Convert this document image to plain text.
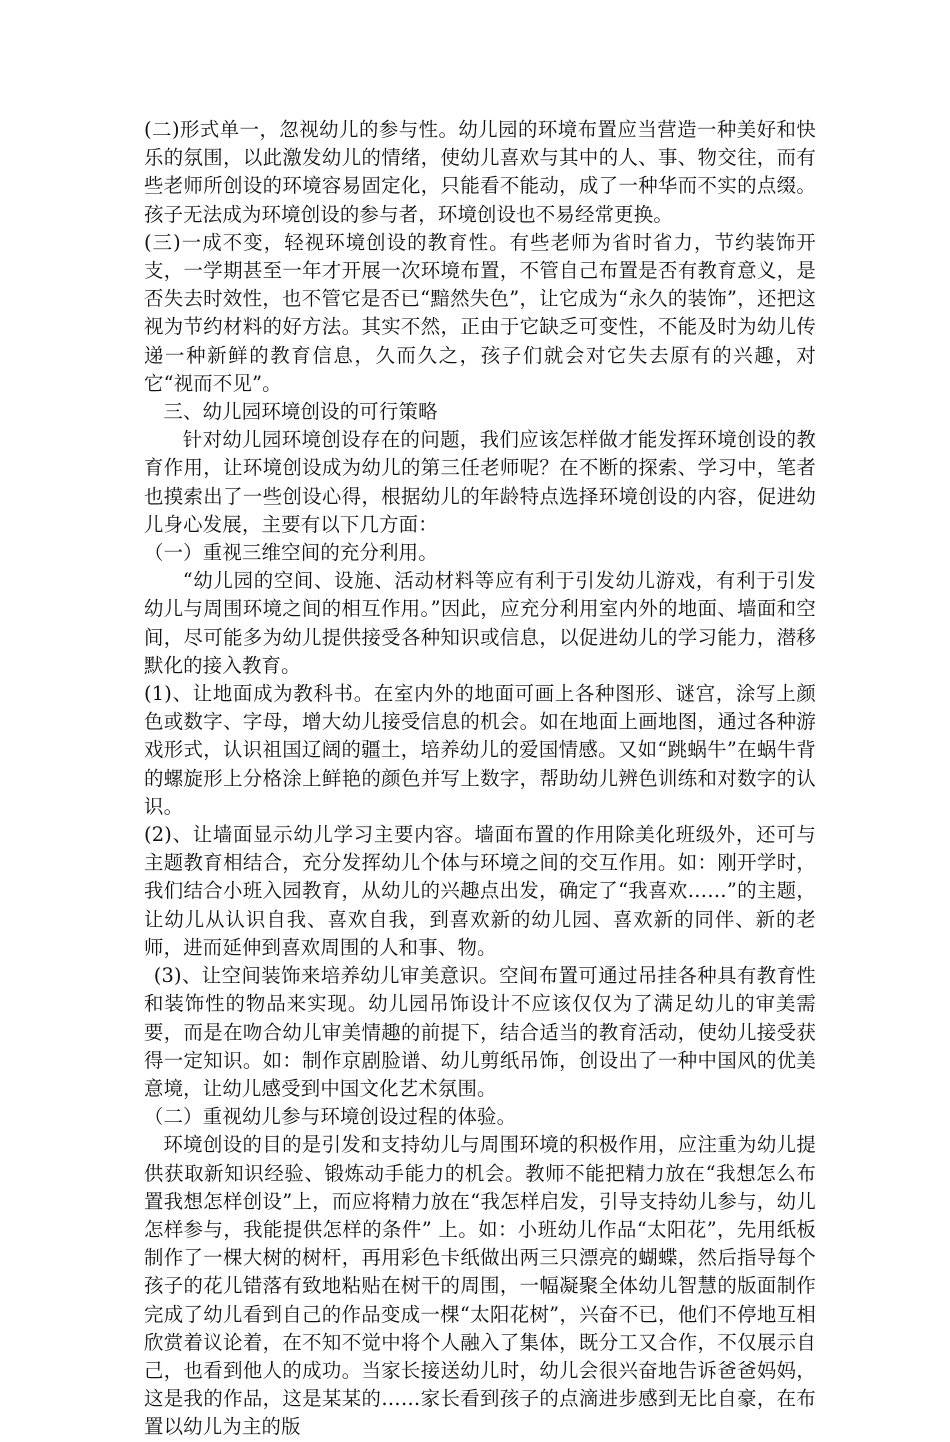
(二)形式单一，忽视幼儿的参与性。幼儿园的环境布置应当营造一种美好和快乐的氛围，以此激发幼儿的情绪，使幼儿喜欢与其中的人、事、物交往，而有些老师所创设的环境容易固定化，只能看不能动，成了一种华而不实的点缀。孩子无法成为环境创设的参与者，环境创设也不易经常更换。

(三)一成不变，轻视环境创设的教育性。有些老师为省时省力，节约装饰开支，一学期甚至一年才开展一次环境布置，不管自己布置是否有教育意义，是否失去时效性，也不管它是否已“黯然失色”，让它成为“永久的装饰”，还把这视为节约材料的好方法。其实不然，正由于它缺乏可变性，不能及时为幼儿传递一种新鲜的教育信息，久而久之，孩子们就会对它失去原有的兴趣，对它“视而不见”。

三、幼儿园环境创设的可行策略

针对幼儿园环境创设存在的问题，我们应该怎样做才能发挥环境创设的教育作用，让环境创设成为幼儿的第三任老师呢？在不断的探索、学习中，笔者也摸索出了一些创设心得，根据幼儿的年龄特点选择环境创设的内容，促进幼儿身心发展，主要有以下几方面：

（一）重视三维空间的充分利用。

“幼儿园的空间、设施、活动材料等应有利于引发幼儿游戏，有利于引发幼儿与周围环境之间的相互作用。”因此，应充分利用室内外的地面、墙面和空间，尽可能多为幼儿提供接受各种知识或信息，以促进幼儿的学习能力，潜移默化的接入教育。

(1)、让地面成为教科书。在室内外的地面可画上各种图形、谜宫，涂写上颜色或数字、字母，增大幼儿接受信息的机会。如在地面上画地图，通过各种游戏形式，认识祖国辽阔的疆土，培养幼儿的爱国情感。又如“跳蜗牛”在蜗牛背的螺旋形上分格涂上鲜艳的颜色并写上数字，帮助幼儿辨色训练和对数字的认识。

(2)、让墙面显示幼儿学习主要内容。墙面布置的作用除美化班级外，还可与主题教育相结合，充分发挥幼儿个体与环境之间的交互作用。如：刚开学时，我们结合小班入园教育，从幼儿的兴趣点出发，确定了“我喜欢……”的主题，让幼儿从认识自我、喜欢自我，到喜欢新的幼儿园、喜欢新的同伴、新的老师，进而延伸到喜欢周围的人和事、物。

(3)、让空间装饰来培养幼儿审美意识。空间布置可通过吊挂各种具有教育性和装饰性的物品来实现。幼儿园吊饰设计不应该仅仅为了满足幼儿的审美需要，而是在吻合幼儿审美情趣的前提下，结合适当的教育活动，使幼儿接受获得一定知识。如：制作京剧脸谱、幼儿剪纸吊饰，创设出了一种中国风的优美意境，让幼儿感受到中国文化艺术氛围。

（二）重视幼儿参与环境创设过程的体验。

环境创设的目的是引发和支持幼儿与周围环境的积极作用，应注重为幼儿提供获取新知识经验、锻炼动手能力的机会。教师不能把精力放在“我想怎么布置我想怎样创设”上，而应将精力放在“我怎样启发，引导支持幼儿参与，幼儿怎样参与，我能提供怎样的条件” 上。如：小班幼儿作品“太阳花”，先用纸板制作了一棵大树的树杆，再用彩色卡纸做出两三只漂亮的蝴蝶，然后指导每个孩子的花儿错落有致地粘贴在树干的周围，一幅凝聚全体幼儿智慧的版面制作完成了幼儿看到自己的作品变成一棵“太阳花树”，兴奋不已，他们不停地互相欣赏着议论着，在不知不觉中将个人融入了集体，既分工又合作，不仅展示自己，也看到他人的成功。当家长接送幼儿时，幼儿会很兴奋地告诉爸爸妈妈，这是我的作品，这是某某的……家长看到孩子的点滴进步感到无比自豪，在布置以幼儿为主的版
